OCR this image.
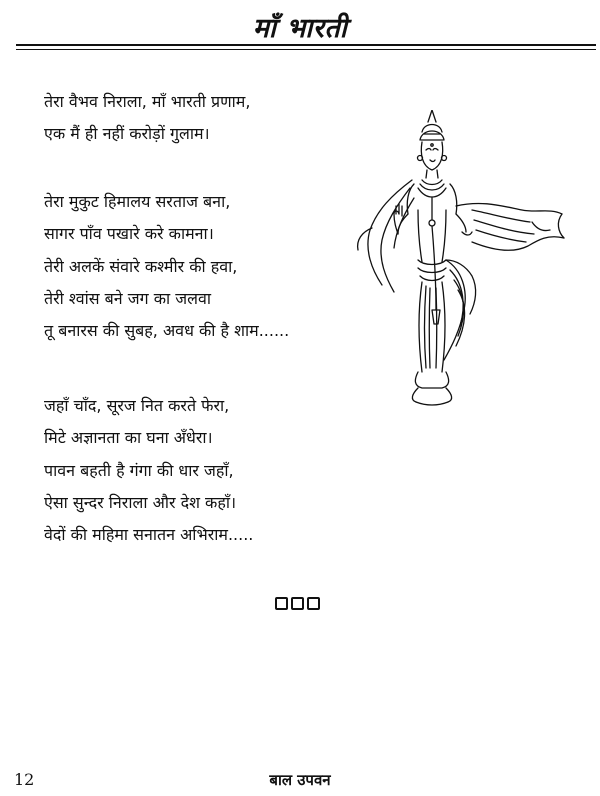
माँ भारती
तेरा वैभव निराला, माँ भारती प्रणाम,
एक मैं ही नहीं करोड़ों गुलाम।
तेरा मुकुट हिमालय सरताज बना,
सागर पाँव पखारे करे कामना।
तेरी अलकें संवारे कश्मीर की हवा,
तेरी श्वांस बने जग का जलवा
तू बनारस की सुबह, अवध की है शाम......
जहाँ चाँद, सूरज नित करते फेरा,
मिटे अज्ञानता का घना अँधेरा।
पावन बहती है गंगा की धार जहाँ,
ऐसा सुन्दर निराला और देश कहाँ।
वेदों की महिमा सनातन अभिराम.....
12	बाल उपवन
